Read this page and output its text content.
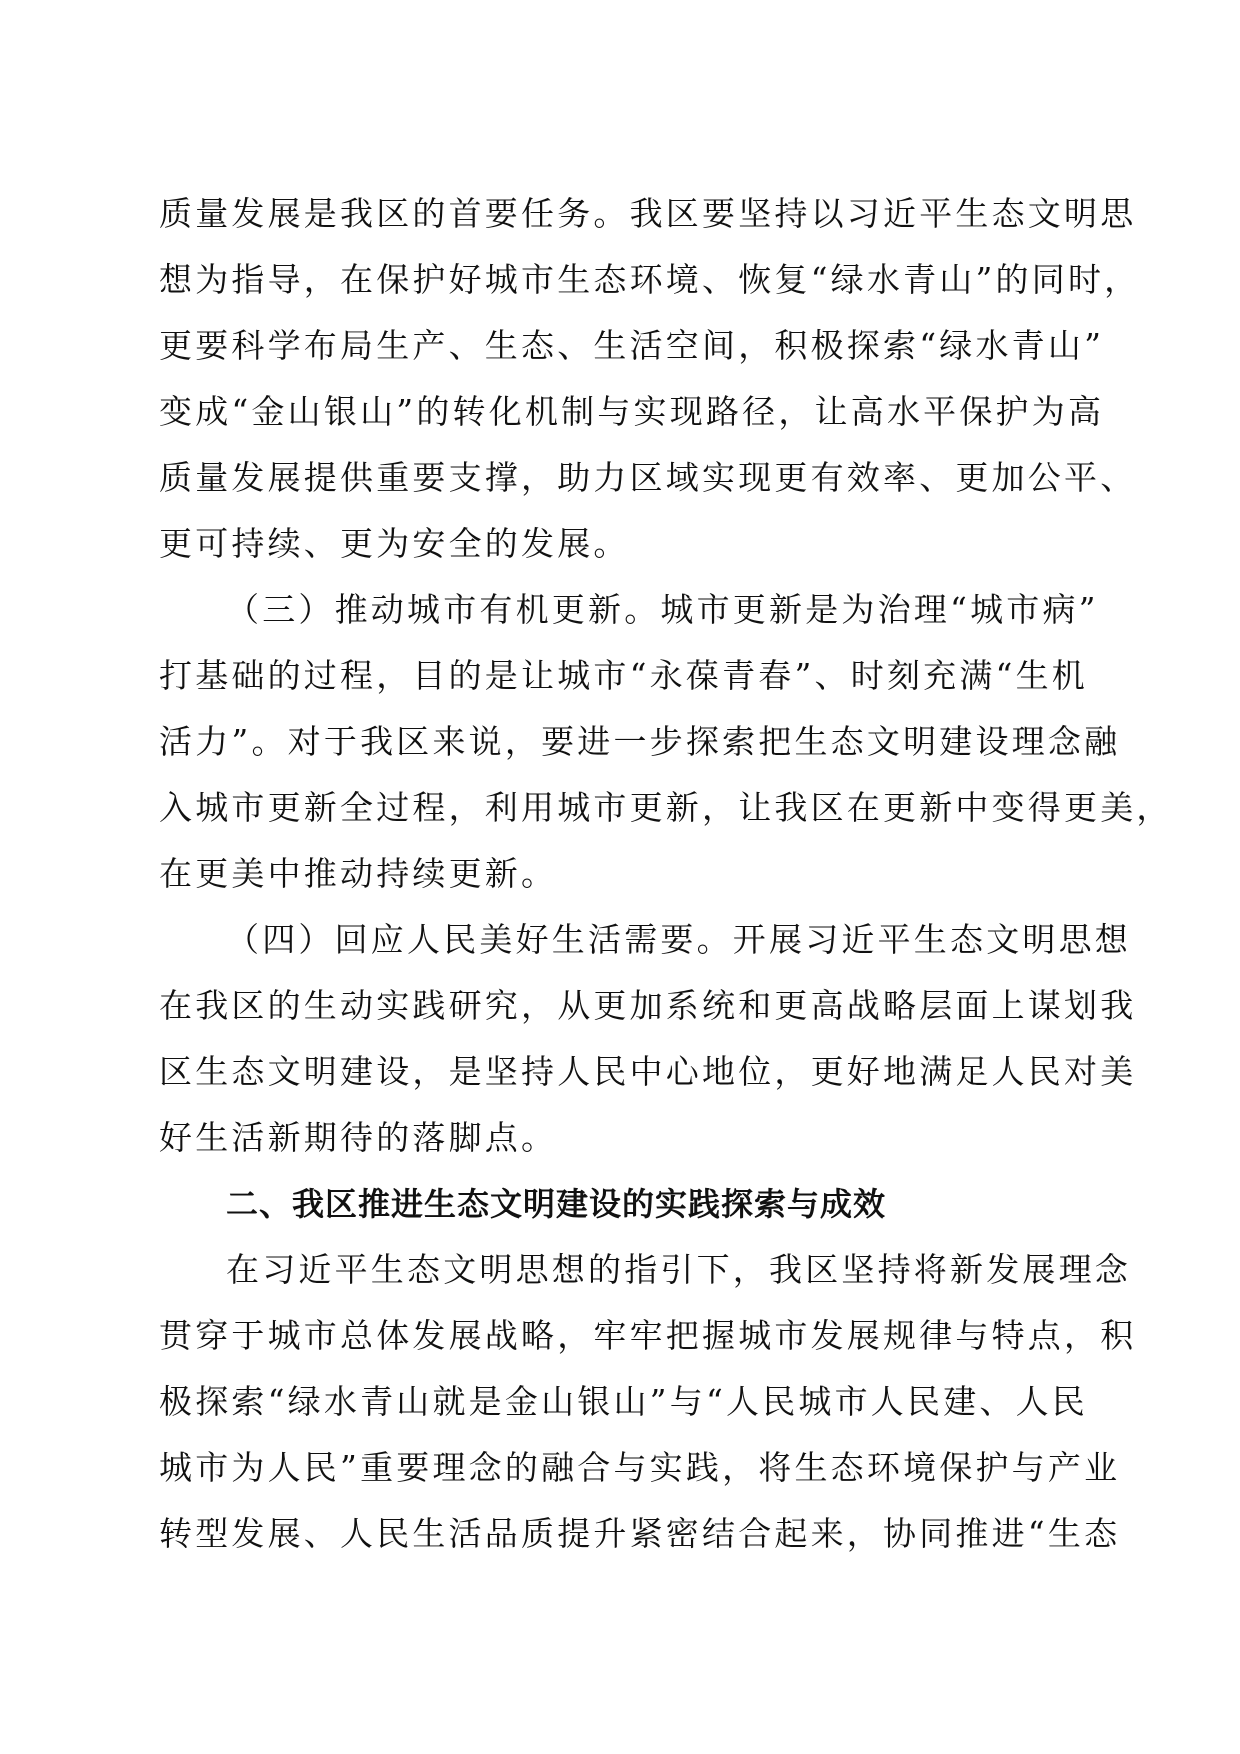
质量发展是我区的首要任务。我区要坚持以习近平生态文明思

想为指导，在保护好城市生态环境、恢复“绿水青山”的同时，

更要科学布局生产、生态、生活空间，积极探索“绿水青山”

变成“金山银山”的转化机制与实现路径，让高水平保护为高

质量发展提供重要支撑，助力区域实现更有效率、更加公平、

更可持续、更为安全的发展。

（三）推动城市有机更新。城市更新是为治理“城市病”

打基础的过程，目的是让城市“永葆青春”、时刻充满“生机

活力”。对于我区来说，要进一步探索把生态文明建设理念融

入城市更新全过程，利用城市更新，让我区在更新中变得更美，

在更美中推动持续更新。

（四）回应人民美好生活需要。开展习近平生态文明思想

在我区的生动实践研究，从更加系统和更高战略层面上谋划我

区生态文明建设，是坚持人民中心地位，更好地满足人民对美

好生活新期待的落脚点。

二、我区推进生态文明建设的实践探索与成效

在习近平生态文明思想的指引下，我区坚持将新发展理念

贯穿于城市总体发展战略，牢牢把握城市发展规律与特点，积

极探索“绿水青山就是金山银山”与“人民城市人民建、人民

城市为人民”重要理念的融合与实践，将生态环境保护与产业

转型发展、人民生活品质提升紧密结合起来，协同推进“生态
